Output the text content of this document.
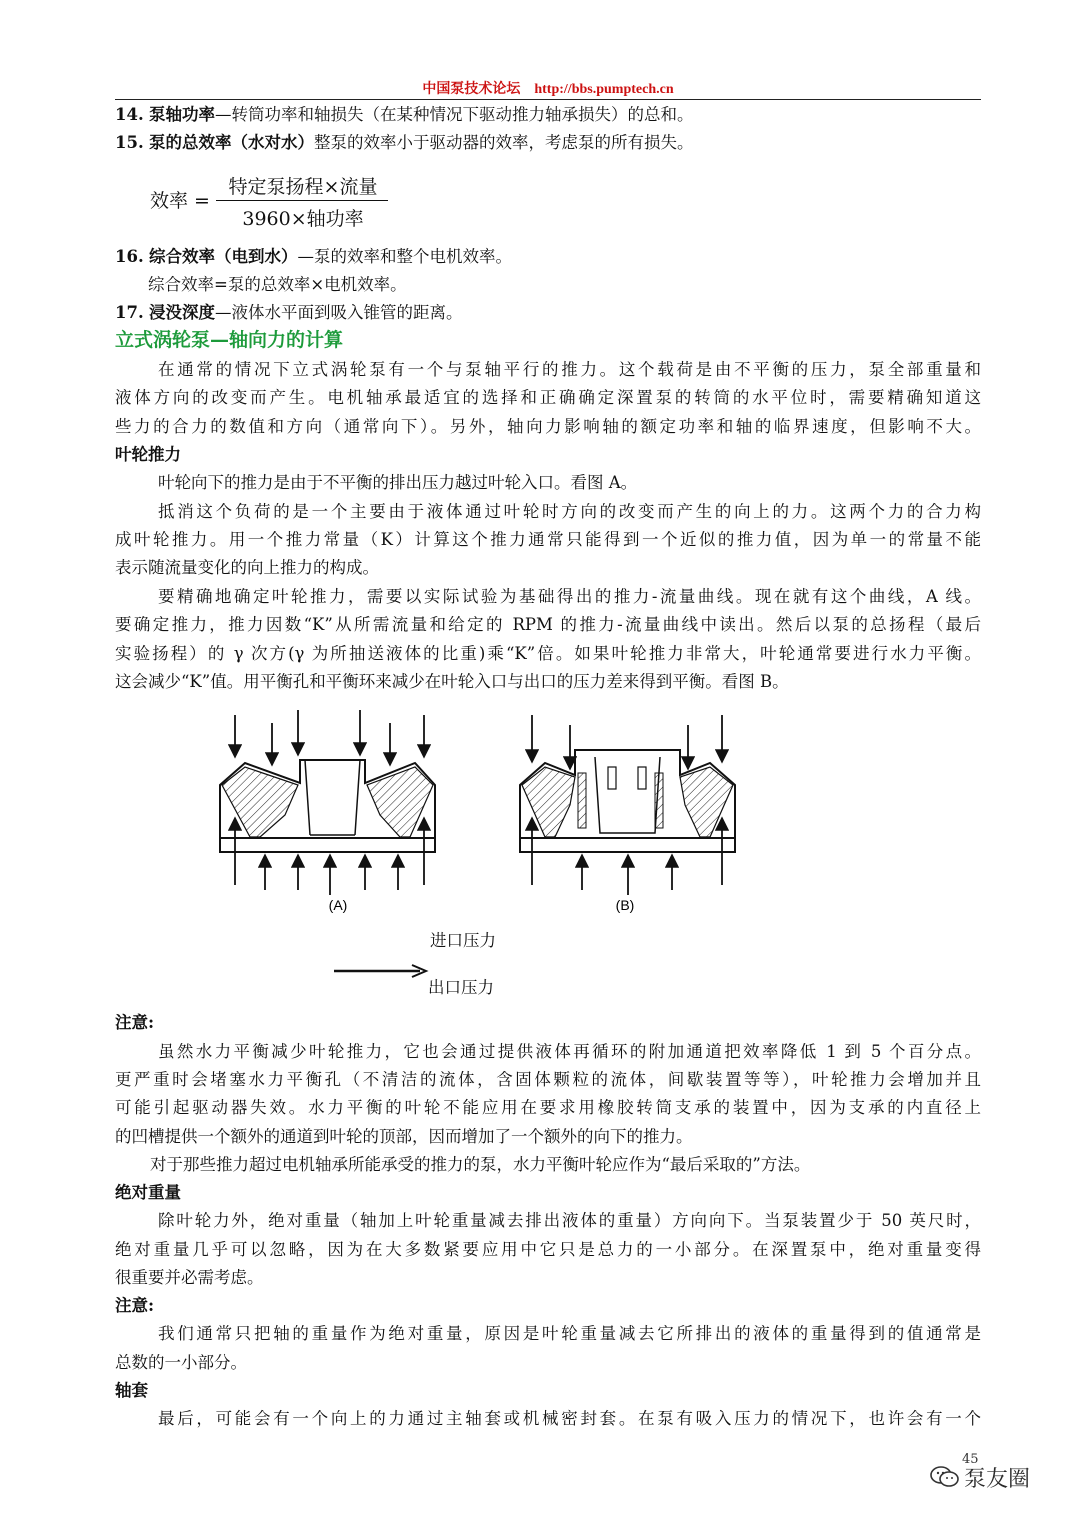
中国泵技术论坛 http://bbs.pumptech.cn
14. 泵轴功率—转筒功率和轴损失（在某种情况下驱动推力轴承损失）的总和。
15. 泵的总效率（水对水）整泵的效率小于驱动器的效率，考虑泵的所有损失。
效率 =
特定泵扬程×流量
3960×轴功率
16. 综合效率（电到水）—泵的效率和整个电机效率。
综合效率=泵的总效率×电机效率。
17. 浸没深度—液体水平面到吸入锥管的距离。
立式涡轮泵—轴向力的计算
在通常的情况下立式涡轮泵有一个与泵轴平行的推力。这个载荷是由不平衡的压力，泵全部重量和
液体方向的改变而产生。电机轴承最适宜的选择和正确确定深置泵的转筒的水平位时，需要精确知道这
些力的合力的数值和方向（通常向下）。另外，轴向力影响轴的额定功率和轴的临界速度，但影响不大。
叶轮推力
叶轮向下的推力是由于不平衡的排出压力越过叶轮入口。看图 A。
抵消这个负荷的是一个主要由于液体通过叶轮时方向的改变而产生的向上的力。这两个力的合力构
成叶轮推力。用一个推力常量（K）计算这个推力通常只能得到一个近似的推力值，因为单一的常量不能
表示随流量变化的向上推力的构成。
要精确地确定叶轮推力，需要以实际试验为基础得出的推力-流量曲线。现在就有这个曲线，A 线。
要确定推力，推力因数“K”从所需流量和给定的 RPM 的推力-流量曲线中读出。然后以泵的总扬程（最后
实验扬程）的 γ 次方(γ 为所抽送液体的比重)乘“K”倍。如果叶轮推力非常大，叶轮通常要进行水力平衡。
这会减少“K”值。用平衡孔和平衡环来减少在叶轮入口与出口的压力差来得到平衡。看图 B。
(A)	(B)
进口压力
出口压力
注意:
虽然水力平衡减少叶轮推力，它也会通过提供液体再循环的附加通道把效率降低 1 到 5 个百分点。
更严重时会堵塞水力平衡孔（不清洁的流体，含固体颗粒的流体，间歇装置等等），叶轮推力会增加并且
可能引起驱动器失效。水力平衡的叶轮不能应用在要求用橡胶转筒支承的装置中，因为支承的内直径上
的凹槽提供一个额外的通道到叶轮的顶部，因而增加了一个额外的向下的推力。
对于那些推力超过电机轴承所能承受的推力的泵，水力平衡叶轮应作为“最后采取的”方法。
绝对重量
除叶轮力外，绝对重量（轴加上叶轮重量减去排出液体的重量）方向向下。当泵装置少于 50 英尺时，
绝对重量几乎可以忽略，因为在大多数紧要应用中它只是总力的一小部分。在深置泵中，绝对重量变得
很重要并必需考虑。
注意:
我们通常只把轴的重量作为绝对重量，原因是叶轮重量减去它所排出的液体的重量得到的值通常是
总数的一小部分。
轴套
最后，可能会有一个向上的力通过主轴套或机械密封套。在泵有吸入压力的情况下，也许会有一个
45
泵友圈
